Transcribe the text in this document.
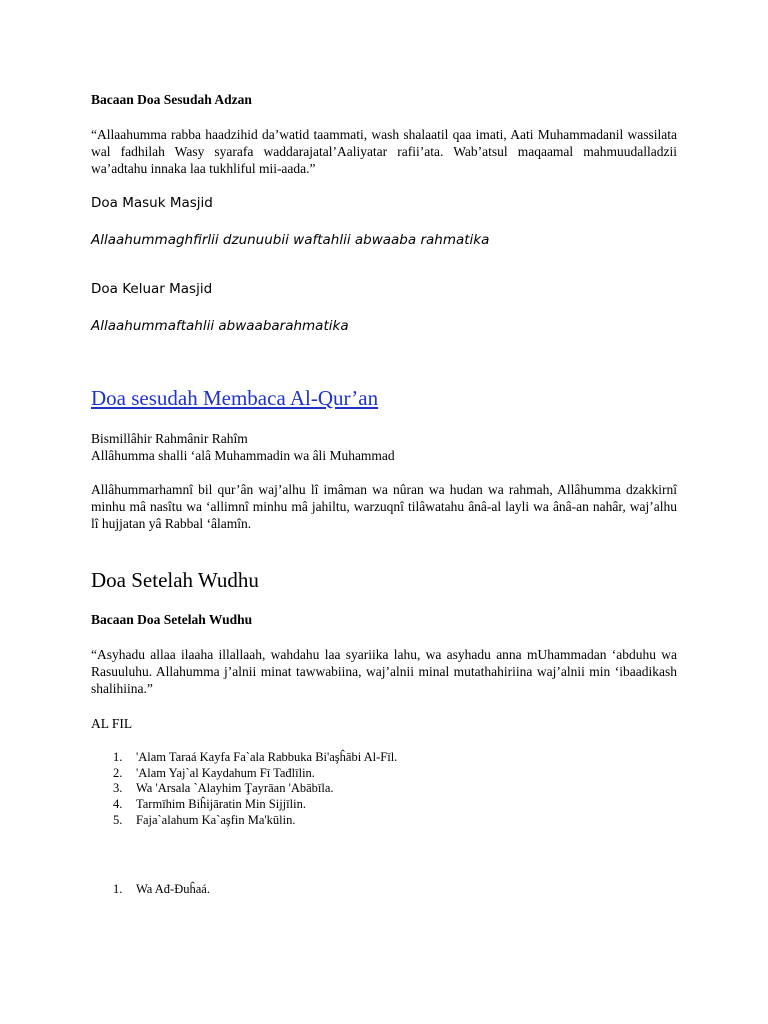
Bacaan Doa Sesudah Adzan

“Allaahumma rabba haadzihid da’watid taammati, wash shalaatil qaa imati, Aati Muhammadanil wassilata wal fadhilah Wasy syarafa waddarajatal’Aaliyatar rafii’ata. Wab’atsul maqaamal mahmuudalladzii wa’adtahu innaka laa tukhliful mii-aada.”

Doa Masuk Masjid

Allaahummaghfirlii dzunuubii waftahlii abwaaba rahmatika

Doa Keluar Masjid

Allaahummaftahlii abwaabarahmatika

Doa sesudah Membaca Al-Qur’an

Bismillâhir Rahmânir Rahîm

Allâhumma shalli ‘alâ Muhammadin wa âli Muhammad

Allâhummarhamnî bil qur’ân waj’alhu lî imâman wa nûran wa hudan wa rahmah, Allâhumma dzakkirnî minhu mâ nasîtu wa ‘allimnî minhu mâ jahiltu, warzuqnî tilâwatahu ânâ-al layli wa ânâ-an nahâr, waj’alhu lî hujjatan yâ Rabbal ‘âlamîn.

Doa Setelah Wudhu

Bacaan Doa Setelah Wudhu

“Asyhadu allaa ilaaha illallaah, wahdahu laa syariika lahu, wa asyhadu anna mUhammadan ‘abduhu wa Rasuuluhu. Allahumma j’alnii minat tawwabiina, waj’alnii minal mutathahiriina waj’alnii min ‘ibaadikash shalihiina.”

AL FIL

1. 'Alam Taraá Kayfa Fa`ala Rabbuka Bi'aşĥābi Al-Fīl.
2. 'Alam Yaj`al Kaydahum Fī Tađlīlin.
3. Wa 'Arsala `Alayhim Ţayrāan 'Abābīla.
4. Tarmīhim Biĥijāratin Min Sijjīlin.
5. Faja`alahum Ka`aşfin Ma'kūlin.
1. Wa Ađ-Đuĥaá.
